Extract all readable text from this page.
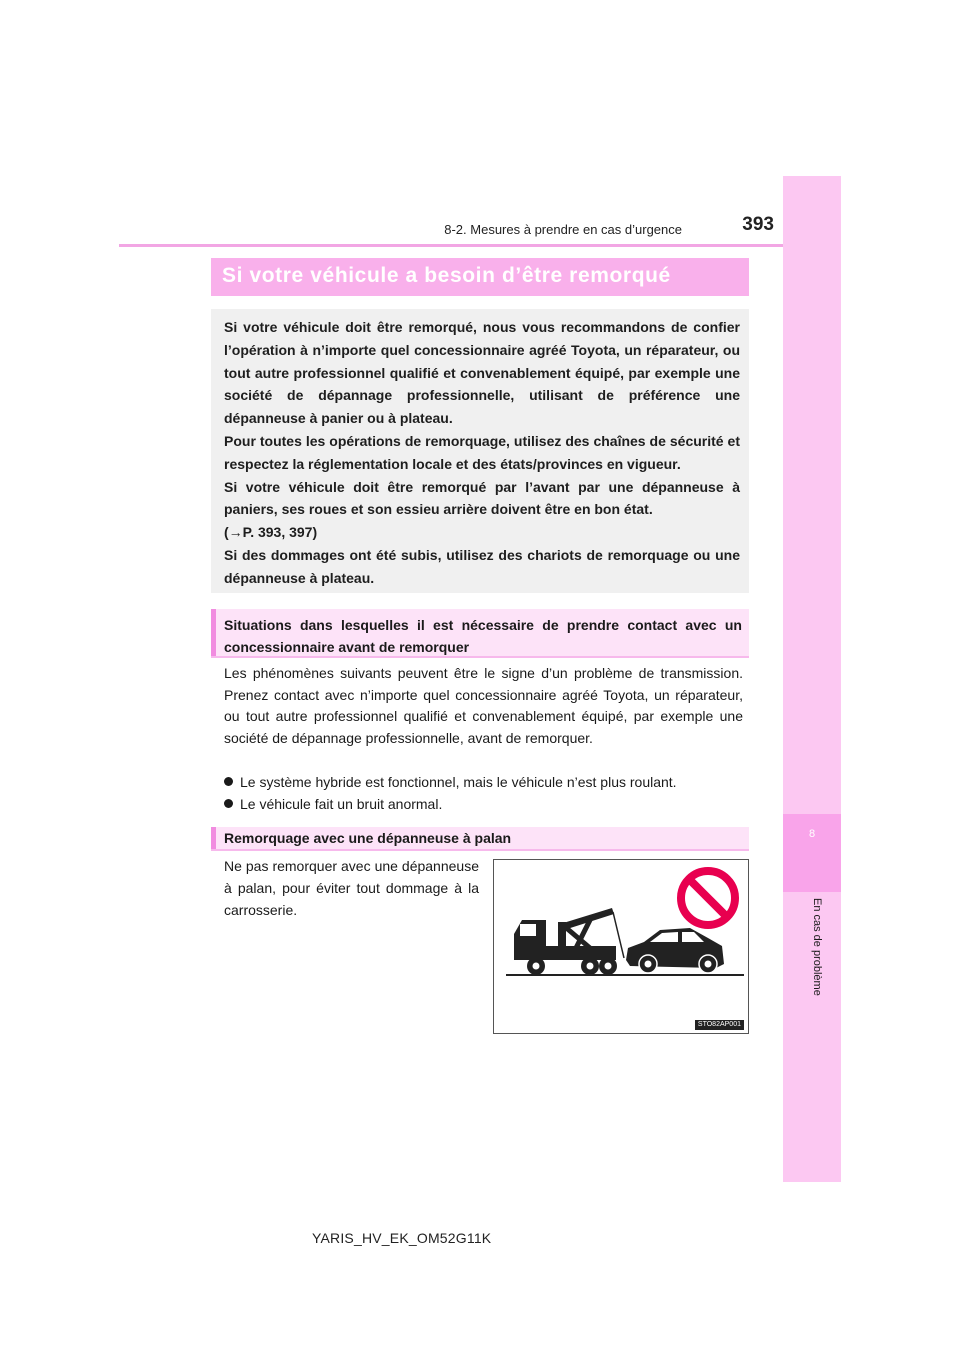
8
En cas de problème
8-2. Mesures à prendre en cas d’urgence	393
Si votre véhicule a besoin d’être remorqué

Si votre véhicule doit être remorqué, nous vous recommandons de confier l’opération à n’importe quel concessionnaire agréé Toyota, un réparateur, ou tout autre professionnel qualifié et convenablement équipé, par exemple une société de dépannage professionnelle, utilisant de préférence une dépanneuse à panier ou à plateau.
Pour toutes les opérations de remorquage, utilisez des chaînes de sécurité et respectez la réglementation locale et des états/provinces en vigueur.
Si votre véhicule doit être remorqué par l’avant par une dépanneuse à paniers, ses roues et son essieu arrière doivent être en bon état.
(→P. 393, 397)
Si des dommages ont été subis, utilisez des chariots de remorquage ou une dépanneuse à plateau.

Situations dans lesquelles il est nécessaire de prendre contact avec un concessionnaire avant de remorquer

Les phénomènes suivants peuvent être le signe d’un problème de transmission. Prenez contact avec n’importe quel concessionnaire agréé Toyota, un réparateur, ou tout autre professionnel qualifié et convenablement équipé, par exemple une société de dépannage professionnelle, avant de remorquer.

Le système hybride est fonctionnel, mais le véhicule n’est plus roulant.
Le véhicule fait un bruit anormal.
Remorquage avec une dépanneuse à palan

Ne pas remorquer avec une dépanneuse à palan, pour éviter tout dommage à la carrosserie.

STO82AP001
YARIS_HV_EK_OM52G11K
